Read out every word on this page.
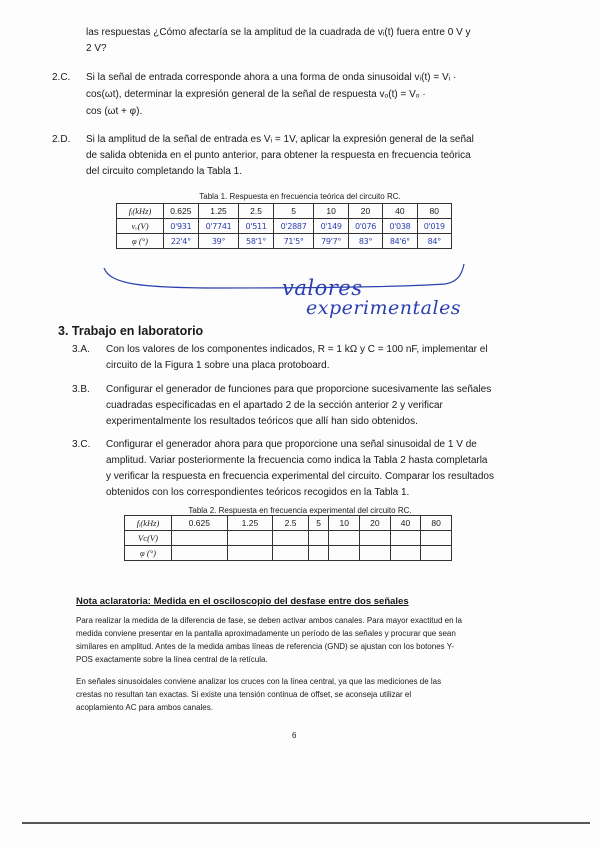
las respuestas ¿Cómo afectaría se la amplitud de la cuadrada de vᵢ(t) fuera entre 0 V y

2 V?

2.C. Si la señal de entrada corresponde ahora a una forma de onda sinusoidal vᵢ(t) = Vᵢ ·

cos(ωt), determinar la expresión general de la señal de respuesta vₒ(t) = Vₒ ·

cos (ωt + φ).

2.D. Si la amplitud de la señal de entrada es Vᵢ = 1V, aplicar la expresión general de la señal

de salida obtenida en el punto anterior, para obtener la respuesta en frecuencia teórica

del circuito completando la Tabla 1.

Tabla 1. Respuesta en frecuencia teórica del circuito RC.
fᵢ(kHz)	0.625	1.25	2.5	5	10	20	40	80
vₒ(V)	0'931	0'7741	0'511	0'2887	0'149	0'076	0'038	0'019
φ (°)	22'4°	39°	58'1°	71'5°	79'7°	83°	84'6°	84°
valores
experimentales
3. Trabajo en laboratorio
3.A. Con los valores de los componentes indicados, R = 1 kΩ y C = 100 nF, implementar el

circuito de la Figura 1 sobre una placa protoboard.

3.B. Configurar el generador de funciones para que proporcione sucesivamente las señales

cuadradas especificadas en el apartado 2 de la sección anterior 2 y verificar

experimentalmente los resultados teóricos que allí han sido obtenidos.

3.C. Configurar el generador ahora para que proporcione una señal sinusoidal de 1 V de

amplitud. Variar posteriormente la frecuencia como indica la Tabla 2 hasta completarla

y verificar la respuesta en frecuencia experimental del circuito. Comparar los resultados

obtenidos con los correspondientes teóricos recogidos en la Tabla 1.

Tabla 2. Respuesta en frecuencia experimental del circuito RC.
fᵢ(kHz)	0.625	1.25	2.5	5	10	20	40	80
Vᴄ(V)								
φ (°)								
Nota aclaratoria: Medida en el osciloscopio del desfase entre dos señales
Para realizar la medida de la diferencia de fase, se deben activar ambos canales. Para mayor exactitud en la
medida conviene presentar en la pantalla aproximadamente un período de las señales y procurar que sean
similares en amplitud. Antes de la medida ambas líneas de referencia (GND) se ajustan con los botones Y-
POS exactamente sobre la línea central de la retícula.
En señales sinusoidales conviene analizar los cruces con la línea central, ya que las mediciones de las
crestas no resultan tan exactas. Si existe una tensión continua de offset, se aconseja utilizar el
acoplamiento AC para ambos canales.
6
